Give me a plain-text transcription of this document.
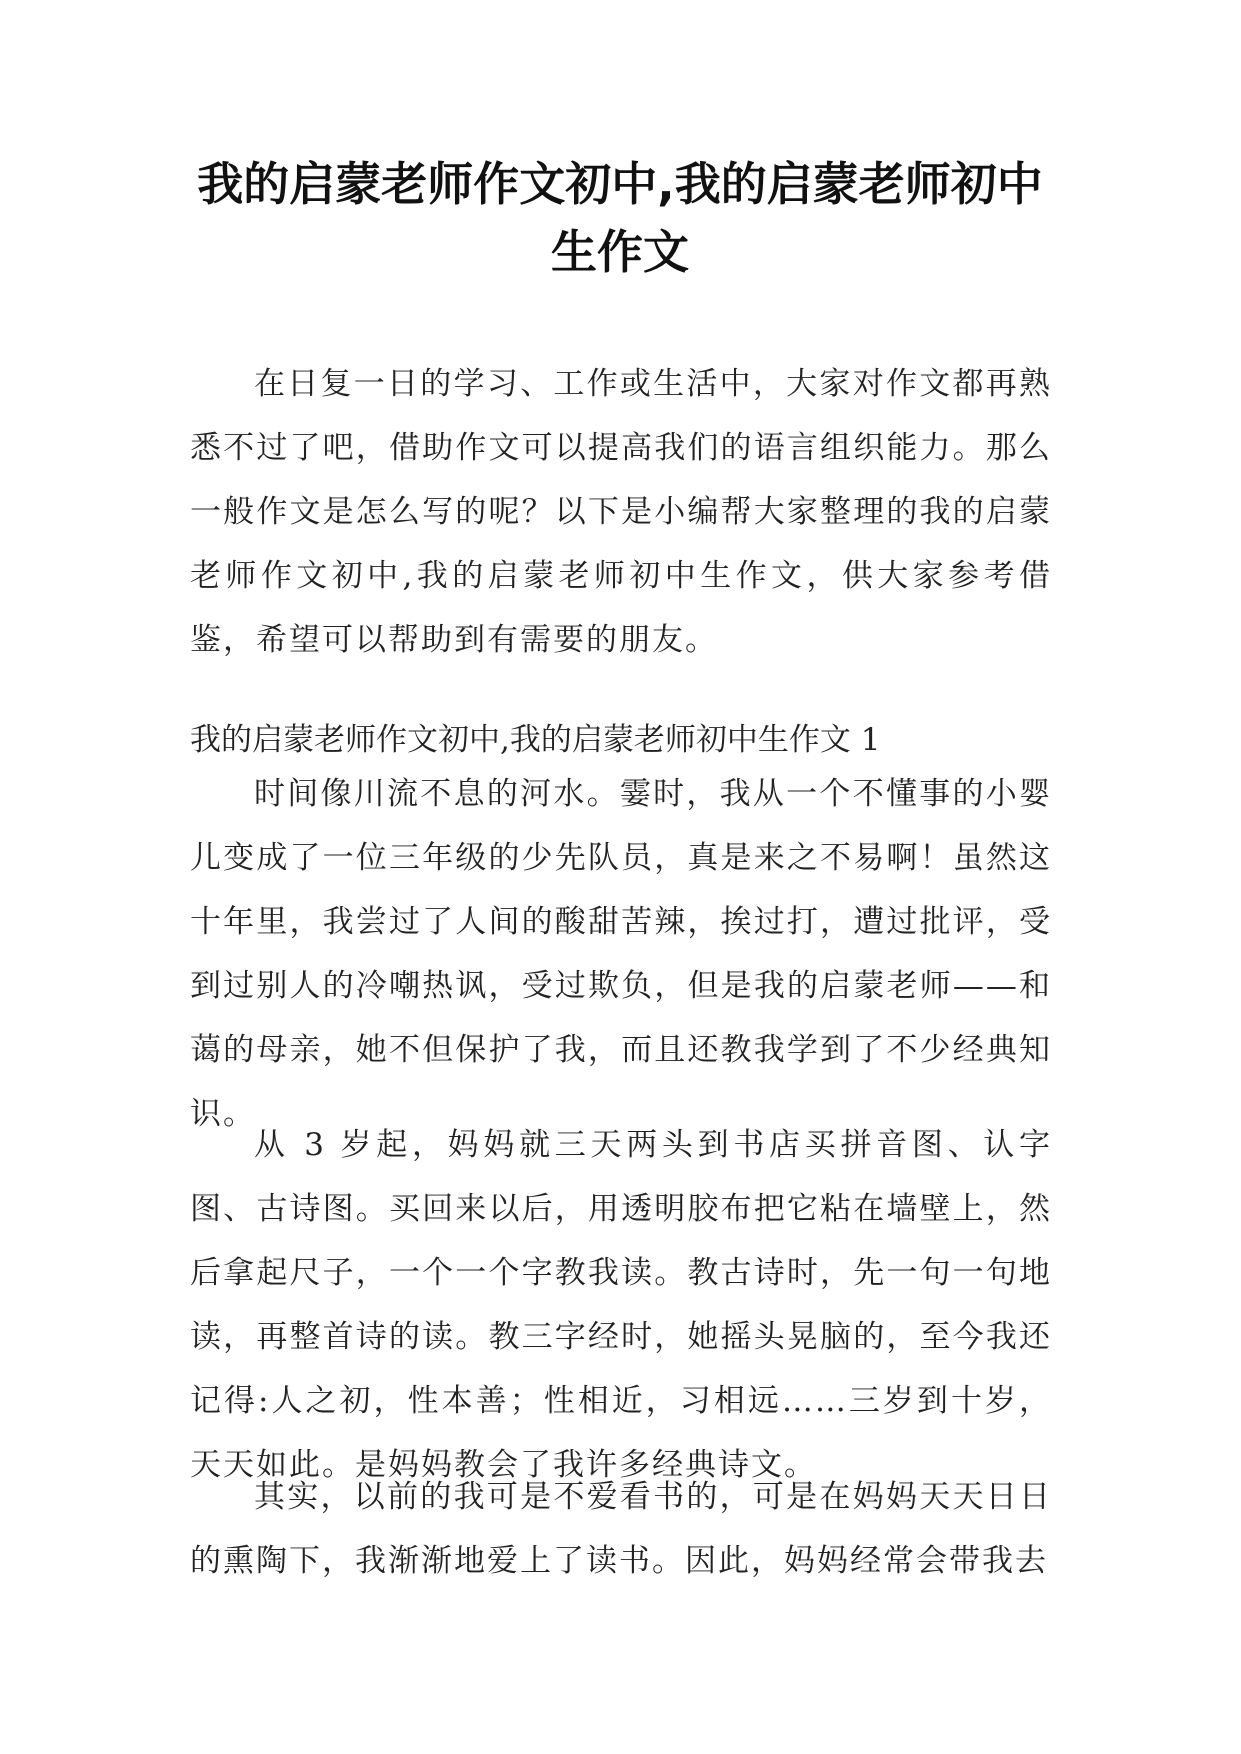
我的启蒙老师作文初中,我的启蒙老师初中生作文

在日复一日的学习、工作或生活中，大家对作文都再熟悉不过了吧，借助作文可以提高我们的语言组织能力。那么一般作文是怎么写的呢？以下是小编帮大家整理的我的启蒙老师作文初中,我的启蒙老师初中生作文，供大家参考借鉴，希望可以帮助到有需要的朋友。

我的启蒙老师作文初中,我的启蒙老师初中生作文 1

时间像川流不息的河水。霎时，我从一个不懂事的小婴儿变成了一位三年级的少先队员，真是来之不易啊！虽然这十年里，我尝过了人间的酸甜苦辣，挨过打，遭过批评，受到过别人的冷嘲热讽，受过欺负，但是我的启蒙老师——和蔼的母亲，她不但保护了我，而且还教我学到了不少经典知识。

从 3 岁起，妈妈就三天两头到书店买拼音图、认字图、古诗图。买回来以后，用透明胶布把它粘在墙壁上，然后拿起尺子，一个一个字教我读。教古诗时，先一句一句地读，再整首诗的读。教三字经时，她摇头晃脑的，至今我还记得:人之初，性本善；性相近，习相远……三岁到十岁，天天如此。是妈妈教会了我许多经典诗文。

其实，以前的我可是不爱看书的，可是在妈妈天天日日的熏陶下，我渐渐地爱上了读书。因此，妈妈经常会带我去
